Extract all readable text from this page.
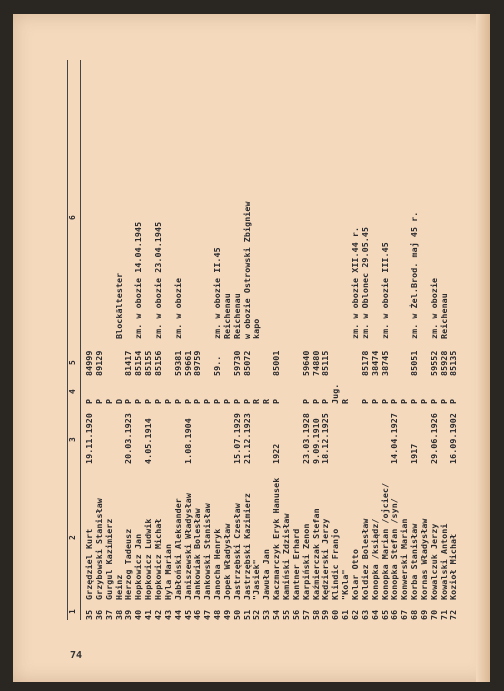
74
1
2
3
4
5
6
35
Grzędziel Kurt
19.11.1920
P
84999
36
Grzybowski Stanisław
P
89129
37
Gurgul Kazimierz
P
38
Heinz
D
Blockältester
39
Herzog Tadeusz
20.03.1923
P
81417
40
Hopkowicz Jan
P
85154
zm. w obozie 14.04.1945
41
Hopkowicz Ludwik
4.05.1914
P
85155
42
Hopkowicz Michał
P
85156
zm. w obozie 23.04.1945
43
Hyla Marian
P
44
Jabłoński Aleksander
P
59381
zm. w obozie
45
Janiszewski Władysław
1.08.1904
P
59661
46
Jankowiak Bolesław
P
89759
47
Jankowski Stanisław
P
48
Janocha Henryk
P
59..
zm. w obozie II.45
49
Jopek Władysław
P
Reichenau
50
Jastrzębski Czesław
15.07.1929
P
59730
Reichenau
51
Jastrzębski Kazimierz
21.12.1923
P
85072
w obozie Ostrowski Zbigniew
52
"Jasiek"
R
kapo
53
Jawuła Jan
R
54
Kaczmarczyk Eryk Hanusek
1922
P
85001
55
Kamiński Zdzisław
56
Kantner Erhard
57
Karpiński Zenon
23.03.1928
P
59640
58
Kaźmierczak Stefan
9.09.1910
P
74880
59
Kędzierski Jerzy
18.12.1925
P
85115
60
Klindic Franjo
Jug.
61
"Kola"
R
62
Kolar Otto
zm. w obozie XII.44 r.
63
Koldiez Bolesław
P
85178
zm. w Oblonec 29.05.45
64
Konopka /ksiądz/
P
38474
65
Konopka Marian /ojciec/
P
38745
zm. w obozie III.45
66
Konopka Stefan /syn/
14.04.1927
P
67
Konwerski Marian
P
68
Korba Stanisław
1917
P
85051
zm. w Żel.Brod. maj 45 r.
69
Kornas Władysław
P
70
Kowalczuk Jerzy
29.06.1926
P
59552
zm. w obozie
71
Kowalski Antoni
P
85928
Reichenau
72
Kozioł Michał
16.09.1902
P
85135
